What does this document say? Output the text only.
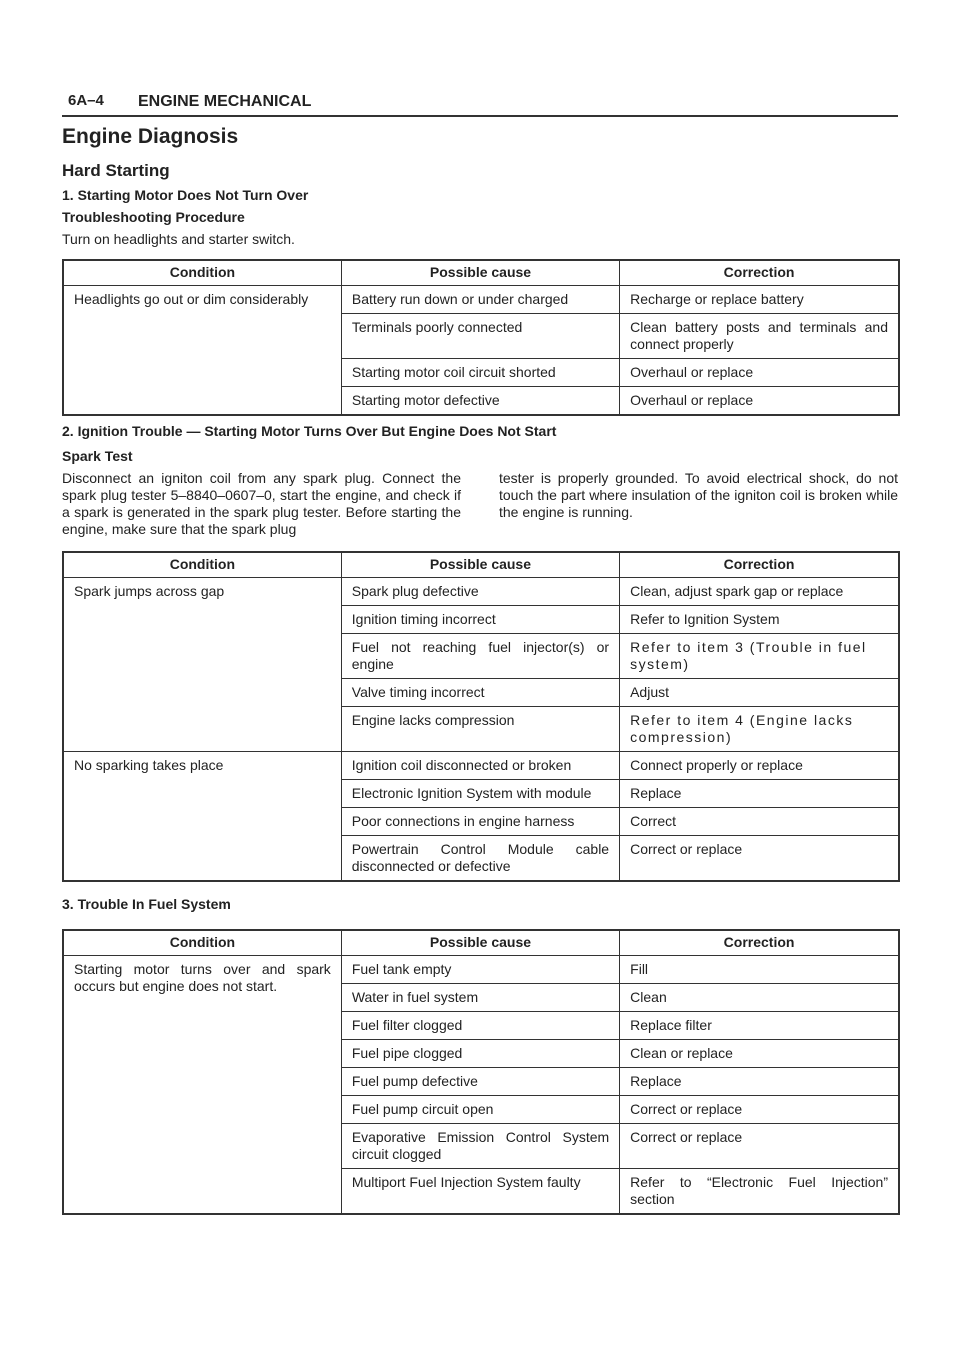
6A–4 ENGINE MECHANICAL
Engine Diagnosis
Hard Starting

1. Starting Motor Does Not Turn Over

Troubleshooting Procedure

Turn on headlights and starter switch.

Condition	Possible cause	Correction
Headlights go out or dim considerably	Battery run down or under charged	Recharge or replace battery
	Terminals poorly connected	Clean battery posts and terminals and connect properly
	Starting motor coil circuit shorted	Overhaul or replace
	Starting motor defective	Overhaul or replace

2. Ignition Trouble — Starting Motor Turns Over But Engine Does Not Start

Spark Test

Disconnect an igniton coil from any spark plug. Connect the spark plug tester 5–8840–0607–0, start the engine, and check if a spark is generated in the spark plug tester. Before starting the engine, make sure that the spark plug
tester is properly grounded. To avoid electrical shock, do not touch the part where insulation of the igniton coil is broken while the engine is running.
Condition	Possible cause	Correction
Spark jumps across gap	Spark plug defective	Clean, adjust spark gap or replace
	Ignition timing incorrect	Refer to Ignition System
	Fuel not reaching fuel injector(s) or engine	Refer to item 3 (Trouble in fuel system)
	Valve timing incorrect	Adjust
	Engine lacks compression	Refer to item 4 (Engine lacks compression)
No sparking takes place	Ignition coil disconnected or broken	Connect properly or replace
	Electronic Ignition System with module	Replace
	Poor connections in engine harness	Correct
	Powertrain Control Module cable disconnected or defective	Correct or replace

3. Trouble In Fuel System

Condition	Possible cause	Correction
Starting motor turns over and spark occurs but engine does not start.	Fuel tank empty	Fill
	Water in fuel system	Clean
	Fuel filter clogged	Replace filter
	Fuel pipe clogged	Clean or replace
	Fuel pump defective	Replace
	Fuel pump circuit open	Correct or replace
	Evaporative Emission Control System circuit clogged	Correct or replace
	Multiport Fuel Injection System faulty	Refer to “Electronic Fuel Injection” section
